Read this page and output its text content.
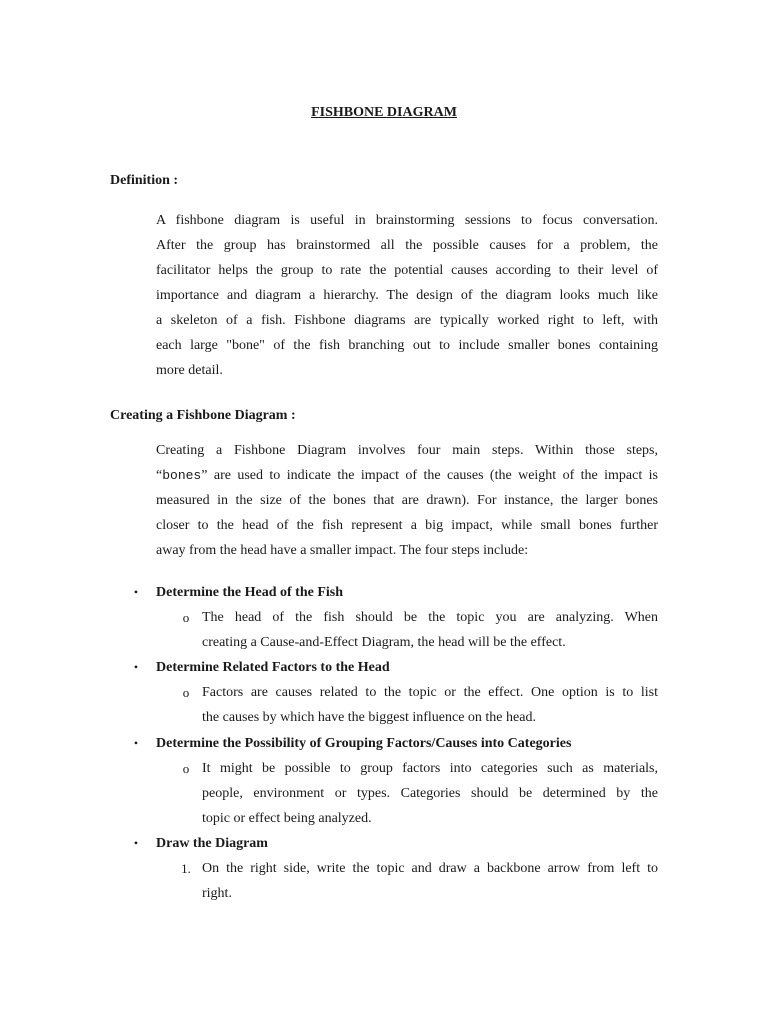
FISHBONE DIAGRAM
Definition :
A fishbone diagram is useful in brainstorming sessions to focus conversation.
After the group has brainstormed all the possible causes for a problem, the
facilitator helps the group to rate the potential causes according to their level of
importance and diagram a hierarchy. The design of the diagram looks much like
a skeleton of a fish. Fishbone diagrams are typically worked right to left, with
each large "bone" of the fish branching out to include smaller bones containing
more detail.
Creating a Fishbone Diagram :
Creating a Fishbone Diagram involves four main steps. Within those steps,
“bones” are used to indicate the impact of the causes (the weight of the impact is
measured in the size of the bones that are drawn). For instance, the larger bones
closer to the head of the fish represent a big impact, while small bones further
away from the head have a smaller impact. The four steps include:
• Determine the Head of the Fish
o The head of the fish should be the topic you are analyzing. When
creating a Cause-and-Effect Diagram, the head will be the effect.
• Determine Related Factors to the Head
o Factors are causes related to the topic or the effect. One option is to list
the causes by which have the biggest influence on the head.
• Determine the Possibility of Grouping Factors/Causes into Categories
o It might be possible to group factors into categories such as materials,
people, environment or types. Categories should be determined by the
topic or effect being analyzed.
• Draw the Diagram
1. On the right side, write the topic and draw a backbone arrow from left to
right.
